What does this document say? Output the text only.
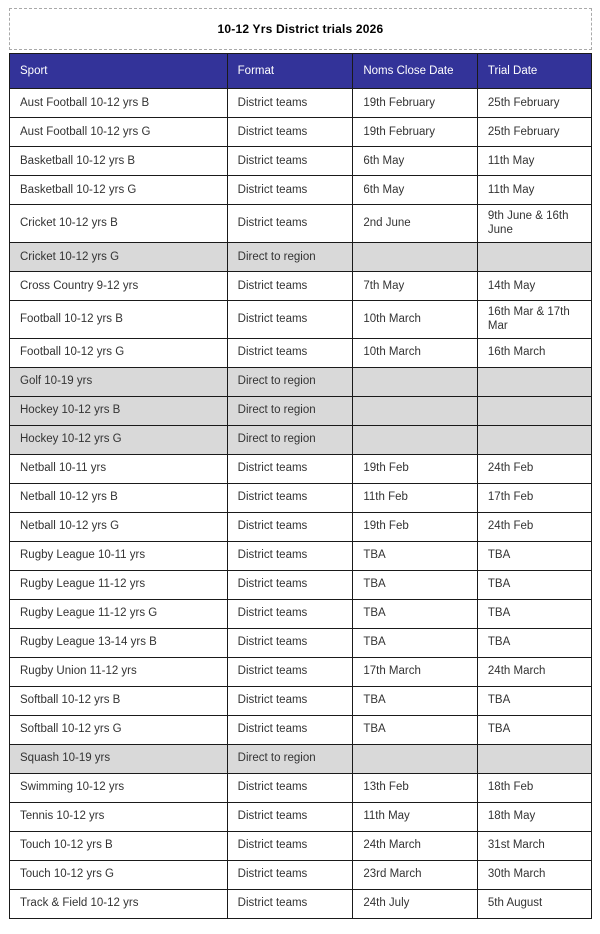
10-12 Yrs District trials 2026
Sport	Format	Noms Close Date	Trial Date
Aust Football 10-12 yrs B	District teams	19th February	25th February
Aust Football 10-12 yrs G	District teams	19th February	25th February
Basketball 10-12 yrs B	District teams	6th May	11th May
Basketball 10-12 yrs G	District teams	6th May	11th May
Cricket 10-12 yrs B	District teams	2nd June	9th June & 16th June
Cricket 10-12 yrs G	Direct to region		
Cross Country 9-12 yrs	District teams	7th May	14th May
Football 10-12 yrs B	District teams	10th March	16th Mar & 17th Mar
Football 10-12 yrs G	District teams	10th March	16th March
Golf 10-19 yrs	Direct to region		
Hockey 10-12 yrs B	Direct to region		
Hockey 10-12 yrs G	Direct to region		
Netball 10-11 yrs	District teams	19th Feb	24th Feb
Netball 10-12 yrs B	District teams	11th Feb	17th Feb
Netball 10-12 yrs G	District teams	19th Feb	24th Feb
Rugby League 10-11 yrs	District teams	TBA	TBA
Rugby League 11-12 yrs	District teams	TBA	TBA
Rugby League 11-12 yrs G	District teams	TBA	TBA
Rugby League 13-14 yrs B	District teams	TBA	TBA
Rugby Union 11-12 yrs	District teams	17th March	24th March
Softball 10-12 yrs B	District teams	TBA	TBA
Softball 10-12 yrs G	District teams	TBA	TBA
Squash 10-19 yrs	Direct to region		
Swimming 10-12 yrs	District teams	13th Feb	18th Feb
Tennis 10-12 yrs	District teams	11th May	18th May
Touch 10-12 yrs B	District teams	24th March	31st March
Touch 10-12 yrs G	District teams	23rd March	30th March
Track & Field 10-12 yrs	District teams	24th July	5th August
